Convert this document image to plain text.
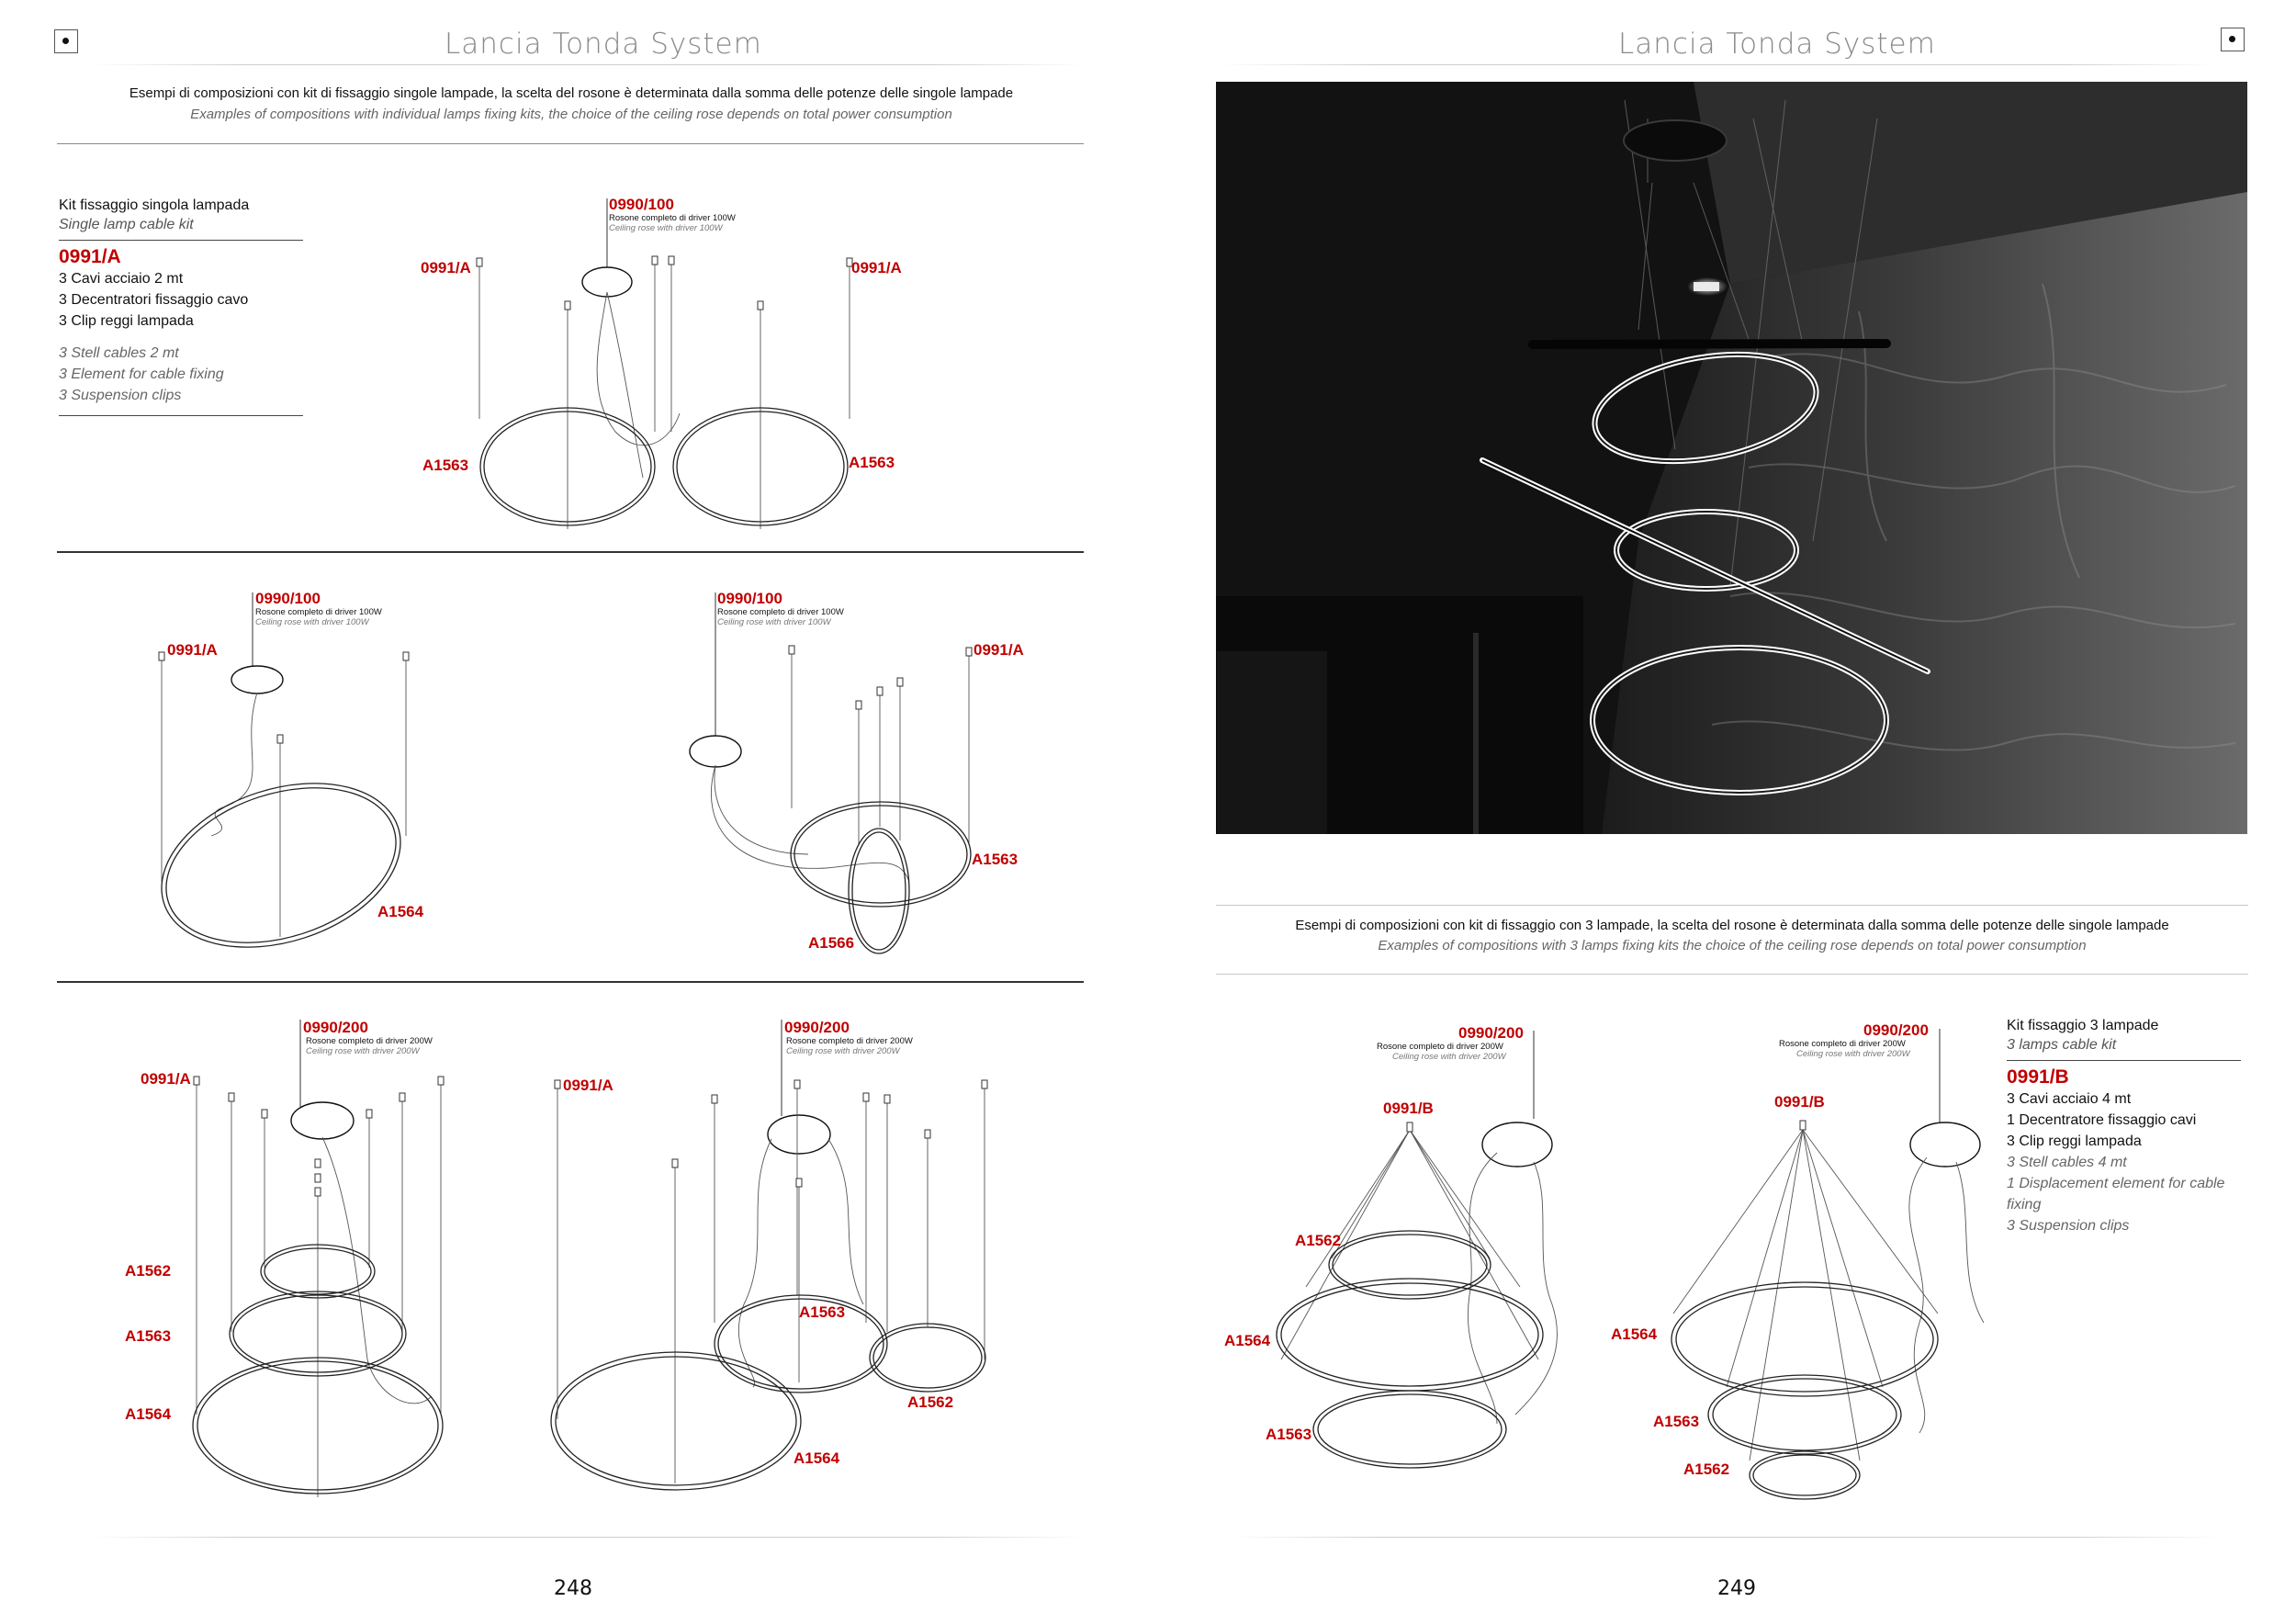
Lancia Tonda System	Lancia Tonda System
Esempi di composizioni con kit di fissaggio singole lampade, la scelta del rosone è determinata dalla somma delle potenze delle singole lampade
Examples of compositions with individual lamps fixing kits, the choice of the ceiling rose depends on total power consumption
Kit fissaggio singola lampada
Single lamp cable kit
0991/A
3 Cavi acciaio 2 mt
3 Decentratori fissaggio cavo
3 Clip reggi lampada
3 Stell cables 2 mt
3 Element for cable fixing
3 Suspension clips
0990/100
Rosone completo di driver 100W
Ceiling rose with driver 100W
0991/A	0991/A
A1563	A1563
0990/100
Rosone completo di driver 100W
Ceiling rose with driver 100W
0991/A
A1564
0990/100
Rosone completo di driver 100W
Ceiling rose with driver 100W
0991/A
A1563
A1566
0990/200
Rosone completo di driver 200W
Ceiling rose with driver 200W
0991/A
A1562
A1563
A1564
0990/200
Rosone completo di driver 200W
Ceiling rose with driver 200W
0991/A
A1563
A1562
A1564
248
Esempi di composizioni con kit di fissaggio con 3 lampade, la scelta del rosone è determinata dalla somma delle potenze delle singole lampade
Examples of compositions with 3 lamps fixing kits the choice of the ceiling rose depends on total power consumption
Kit fissaggio 3 lampade
3 lamps cable kit
0991/B
3 Cavi acciaio 4 mt
1 Decentratore fissaggio cavi
3 Clip reggi lampada
3 Stell cables 4 mt
1 Displacement element for cable fixing
3 Suspension clips
0990/200
Rosone completo di driver 200W
Ceiling rose with driver 200W
0991/B
A1562
A1564
A1563
0990/200
Rosone completo di driver 200W
Ceiling rose with driver 200W
0991/B
A1564
A1563
A1562
249
